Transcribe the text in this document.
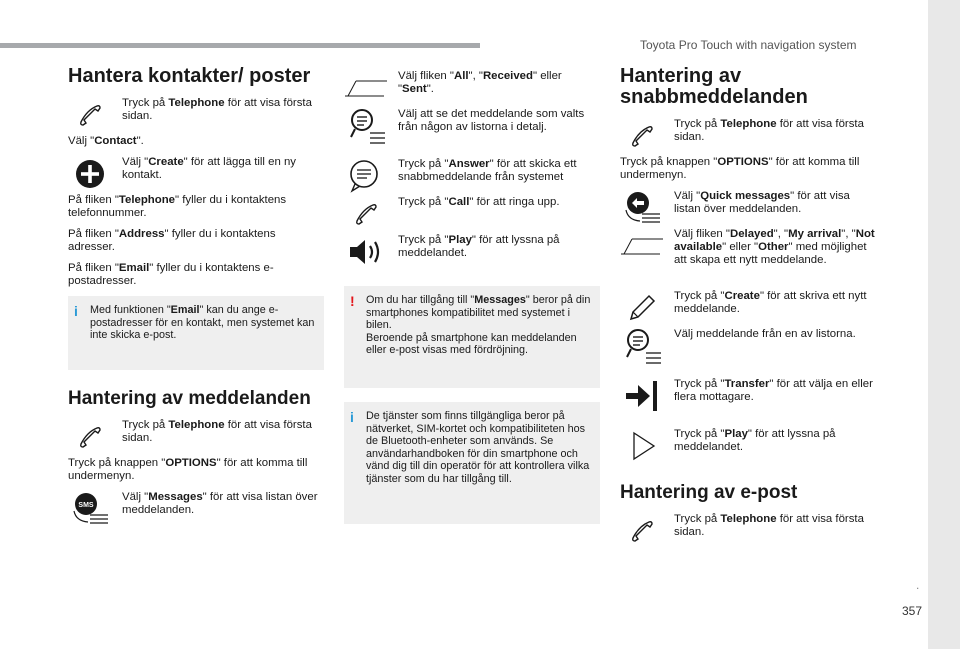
Toyota Pro Touch with navigation system
.
357
Hantera kontakter/ poster
Tryck på Telephone för att visa första sidan.

Välj "Contact".

Välj "Create" för att lägga till en ny kontakt.

På fliken "Telephone" fyller du i kontaktens telefonnummer.

På fliken "Address" fyller du i kontaktens adresser.

På fliken "Email" fyller du i kontaktens e-postadresser.

i Med funktionen "Email" kan du ange e-postadresser för en kontakt, men systemet kan inte skicka e-post.
Hantering av meddelanden
Tryck på Telephone för att visa första sidan.

Tryck på knappen "OPTIONS" för att komma till undermenyn.

SMS
Välj "Messages" för att visa listan över meddelanden.
Välj fliken "All", "Received" eller "Sent".
Välj att se det meddelande som valts från någon av listorna i detalj.
Tryck på "Answer" för att skicka ett snabbmeddelande från systemet
Tryck på "Call" för att ringa upp.
Tryck på "Play" för att lyssna på meddelandet.
! Om du har tillgång till "Messages" beror på din smartphones kompatibilitet med systemet i bilen.
Beroende på smartphone kan meddelanden eller e-post visas med fördröjning.
i De tjänster som finns tillgängliga beror på nätverket, SIM-kortet och kompatibiliteten hos de Bluetooth-enheter som används. Se användarhandboken för din smartphone och vänd dig till din operatör för att kontrollera vilka tjänster som du har tillgång till.
Hantering av snabbmeddelanden
Tryck på Telephone för att visa första sidan.

Tryck på knappen "OPTIONS" för att komma till undermenyn.

Välj "Quick messages" för att visa listan över meddelanden.
Välj fliken "Delayed", "My arrival", "Not available" eller "Other" med möjlighet att skapa ett nytt meddelande.
Tryck på "Create" för att skriva ett nytt meddelande.
Välj meddelande från en av listorna.
Tryck på "Transfer" för att välja en eller flera mottagare.
Tryck på "Play" för att lyssna på meddelandet.
Hantering av e-post
Tryck på Telephone för att visa första sidan.
